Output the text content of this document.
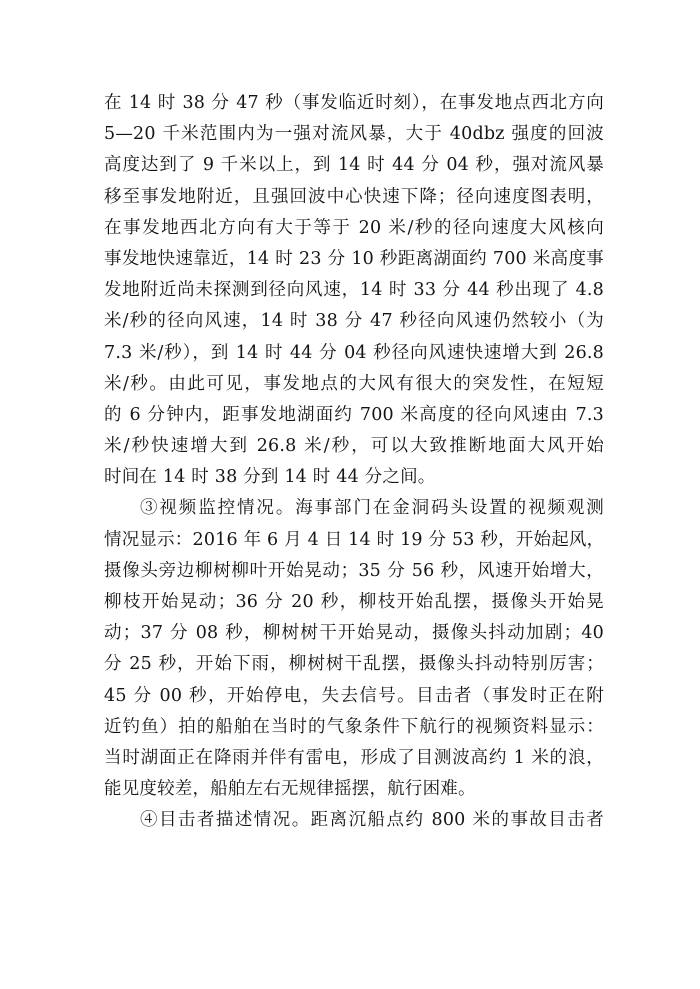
在 14 时 38 分 47 秒（事发临近时刻），在事发地点西北方向
5—20 千米范围内为一强对流风暴，大于 40dbz 强度的回波
高度达到了 9 千米以上，到 14 时 44 分 04 秒，强对流风暴
移至事发地附近，且强回波中心快速下降；径向速度图表明，
在事发地西北方向有大于等于 20 米/秒的径向速度大风核向
事发地快速靠近，14 时 23 分 10 秒距离湖面约 700 米高度事
发地附近尚未探测到径向风速，14 时 33 分 44 秒出现了 4.8
米/秒的径向风速，14 时 38 分 47 秒径向风速仍然较小（为
7.3 米/秒），到 14 时 44 分 04 秒径向风速快速增大到 26.8
米/秒。由此可见，事发地点的大风有很大的突发性，在短短
的 6 分钟内，距事发地湖面约 700 米高度的径向风速由 7.3
米/秒快速增大到 26.8 米/秒，可以大致推断地面大风开始
时间在 14 时 38 分到 14 时 44 分之间。
③视频监控情况。海事部门在金洞码头设置的视频观测
情况显示：2016 年 6 月 4 日 14 时 19 分 53 秒，开始起风，
摄像头旁边柳树柳叶开始晃动；35 分 56 秒，风速开始增大，
柳枝开始晃动；36 分 20 秒，柳枝开始乱摆，摄像头开始晃
动；37 分 08 秒，柳树树干开始晃动，摄像头抖动加剧；40
分 25 秒，开始下雨，柳树树干乱摆，摄像头抖动特别厉害；
45 分 00 秒，开始停电，失去信号。目击者（事发时正在附
近钓鱼）拍的船舶在当时的气象条件下航行的视频资料显示：
当时湖面正在降雨并伴有雷电，形成了目测波高约 1 米的浪，
能见度较差，船舶左右无规律摇摆，航行困难。
④目击者描述情况。距离沉船点约 800 米的事故目击者
